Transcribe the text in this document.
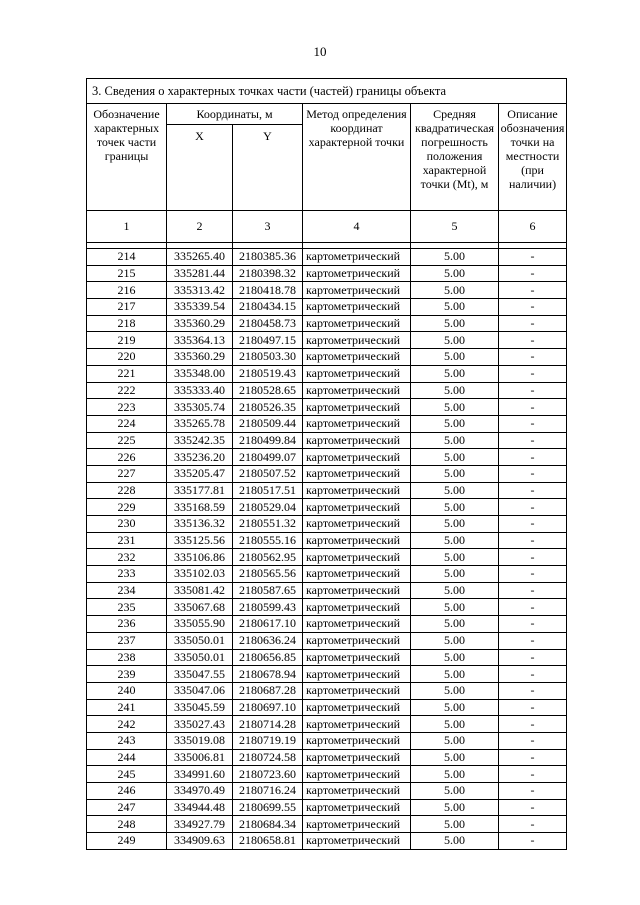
10
3. Сведения о характерных точках части (частей) границы объекта					
Обозначение характерных точек части границы	Координаты, м		Метод определения координат характерной точки	Средняя квадратическая погрешность положения характерной точки (Mt), м	Описание обозначения точки на местности (при наличии)
	X	Y			
1	2	3	4	5	6

214	335265.40	2180385.36	картометрический	5.00	-
215	335281.44	2180398.32	картометрический	5.00	-
216	335313.42	2180418.78	картометрический	5.00	-
217	335339.54	2180434.15	картометрический	5.00	-
218	335360.29	2180458.73	картометрический	5.00	-
219	335364.13	2180497.15	картометрический	5.00	-
220	335360.29	2180503.30	картометрический	5.00	-
221	335348.00	2180519.43	картометрический	5.00	-
222	335333.40	2180528.65	картометрический	5.00	-
223	335305.74	2180526.35	картометрический	5.00	-
224	335265.78	2180509.44	картометрический	5.00	-
225	335242.35	2180499.84	картометрический	5.00	-
226	335236.20	2180499.07	картометрический	5.00	-
227	335205.47	2180507.52	картометрический	5.00	-
228	335177.81	2180517.51	картометрический	5.00	-
229	335168.59	2180529.04	картометрический	5.00	-
230	335136.32	2180551.32	картометрический	5.00	-
231	335125.56	2180555.16	картометрический	5.00	-
232	335106.86	2180562.95	картометрический	5.00	-
233	335102.03	2180565.56	картометрический	5.00	-
234	335081.42	2180587.65	картометрический	5.00	-
235	335067.68	2180599.43	картометрический	5.00	-
236	335055.90	2180617.10	картометрический	5.00	-
237	335050.01	2180636.24	картометрический	5.00	-
238	335050.01	2180656.85	картометрический	5.00	-
239	335047.55	2180678.94	картометрический	5.00	-
240	335047.06	2180687.28	картометрический	5.00	-
241	335045.59	2180697.10	картометрический	5.00	-
242	335027.43	2180714.28	картометрический	5.00	-
243	335019.08	2180719.19	картометрический	5.00	-
244	335006.81	2180724.58	картометрический	5.00	-
245	334991.60	2180723.60	картометрический	5.00	-
246	334970.49	2180716.24	картометрический	5.00	-
247	334944.48	2180699.55	картометрический	5.00	-
248	334927.79	2180684.34	картометрический	5.00	-
249	334909.63	2180658.81	картометрический	5.00	-
